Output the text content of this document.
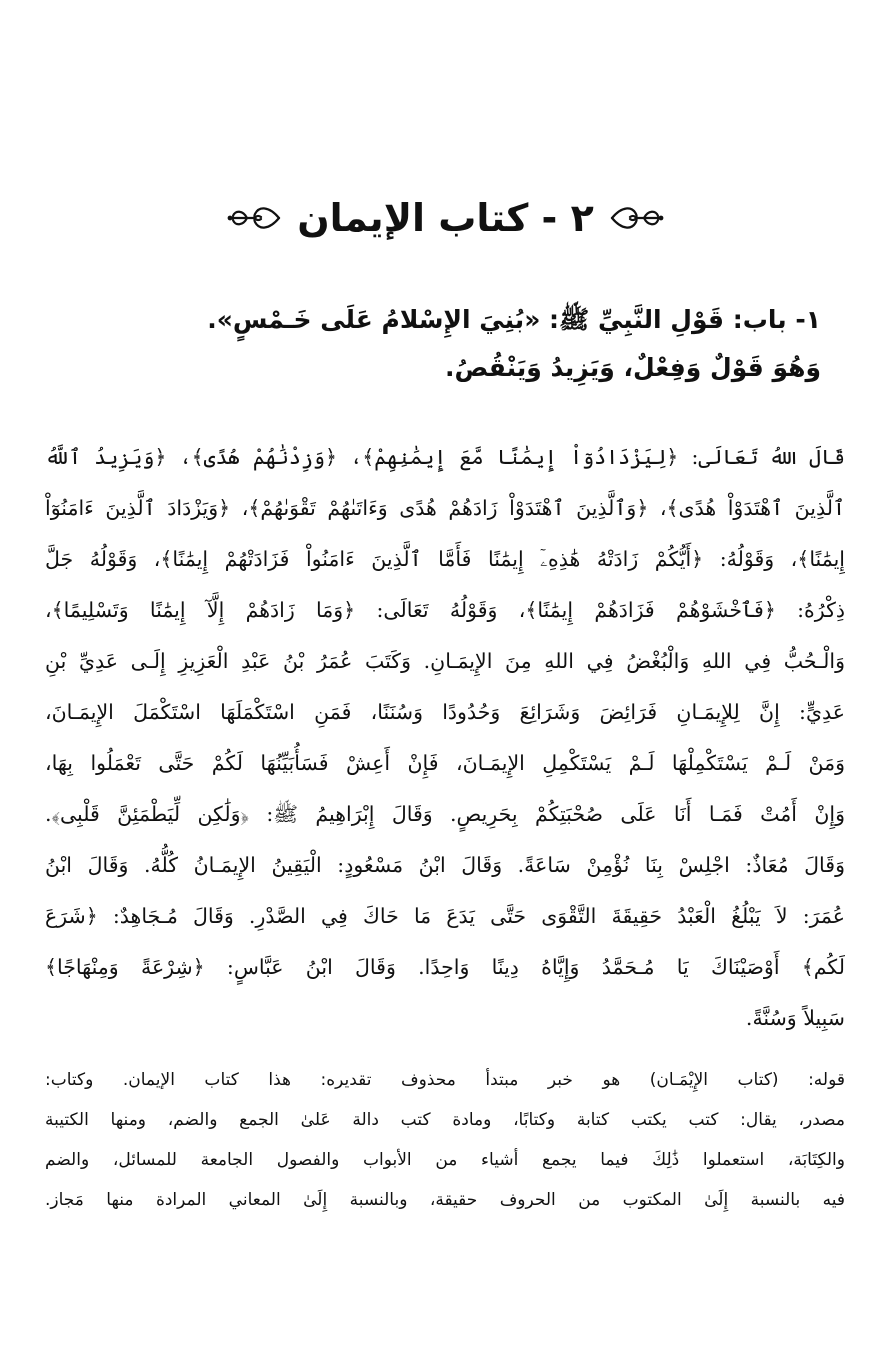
٢ - كتاب الإيمان
١- باب: قَوْلِ النَّبِيِّ ﷺ: «بُنِيَ الإِسْلامُ عَلَى خَـمْسٍ».
وَهُوَ قَوْلٌ وَفِعْلٌ، وَيَزِيدُ وَيَنْقُصُ.
قَالَ اللهُ تَعَالَى: ﴿لِيَزْدَادُوٓاْ إِيمَٰنًا مَّعَ إِيمَٰنِهِمْ﴾، ﴿وَزِدْنَٰهُمْ هُدًى﴾، ﴿وَيَزِيدُ ٱللَّهُ
ٱلَّذِينَ ٱهْتَدَوْاْ هُدًى﴾، ﴿وَٱلَّذِينَ ٱهْتَدَوْاْ زَادَهُمْ هُدًى وَءَاتَىٰهُمْ تَقْوَىٰهُمْ﴾، ﴿وَيَزْدَادَ ٱلَّذِينَ ءَامَنُوٓاْ
إِيمَٰنًا﴾، وَقَوْلُهُ: ﴿أَيُّكُمْ زَادَتْهُ هَٰذِهِۦٓ إِيمَٰنًا فَأَمَّا ٱلَّذِينَ ءَامَنُواْ فَزَادَتْهُمْ إِيمَٰنًا﴾، وَقَوْلُهُ جَلَّ
ذِكْرُهُ: ﴿فَٱخْشَوْهُمْ فَزَادَهُمْ إِيمَٰنًا﴾، وَقَوْلُهُ تَعَالَى: ﴿وَمَا زَادَهُمْ إِلَّآ إِيمَٰنًا وَتَسْلِيمًا﴾،
وَالْـحُبُّ فِي اللهِ وَالْبُغْضُ فِي اللهِ مِنَ الإِيمَـانِ. وَكَتَبَ عُمَرُ بْنُ عَبْدِ الْعَزِيزِ إِلَـى عَدِيِّ بْنِ
عَدِيٍّ: إِنَّ لِلإِيمَـانِ فَرَائِضَ وَشَرَائِعَ وَحُدُودًا وَسُنَنًا، فَمَنِ اسْتَكْمَلَهَا اسْتَكْمَلَ الإِيمَـانَ،
وَمَنْ لَـمْ يَسْتَكْمِلْهَا لَـمْ يَسْتَكْمِلِ الإِيمَـانَ، فَإِنْ أَعِشْ فَسَأُبَيِّنُهَا لَكُمْ حَتَّى تَعْمَلُوا بِهَا،
وَإِنْ أَمُتْ فَمَـا أَنَا عَلَى صُحْبَتِكُمْ بِحَرِيصٍ. وَقَالَ إِبْرَاهِيمُ ﷺ: ﴿وَلَٰكِن لِّيَطْمَئِنَّ قَلْبِى﴾.
وَقَالَ مُعَاذٌ: اجْلِسْ بِنَا نُؤْمِنْ سَاعَةً. وَقَالَ ابْنُ مَسْعُودٍ: الْيَقِينُ الإِيمَـانُ كُلُّهُ. وَقَالَ ابْنُ
عُمَرَ: لاَ يَبْلُغُ الْعَبْدُ حَقِيقَةَ التَّقْوَى حَتَّى يَدَعَ مَا حَاكَ فِي الصَّدْرِ. وَقَالَ مُـجَاهِدٌ: ﴿شَرَعَ
لَكُم﴾ أَوْصَيْنَاكَ يَا مُـحَمَّدُ وَإِيَّاهُ دِينًا وَاحِدًا. وَقَالَ ابْنُ عَبَّاسٍ: ﴿شِرْعَةً وَمِنْهَاجًا﴾
سَبِيلاً وَسُنَّةً.
قوله: (كتاب الإِيْمَـان) هو خبر مبتدأ محذوف تقديره: هذا كتاب الإيمان. وكتاب:
مصدر، يقال: كتب يكتب كتابة وكتابًا، ومادة كتب دالة عَلىٰ الجمع والضم، ومنها الكتيبة
والكِتَابَة، استعملوا ذَٰلِكَ فيما يجمع أشياء من الأبواب والفصول الجامعة للمسائل، والضم
فيه بالنسبة إِلَىٰ المكتوب من الحروف حقيقة، وبالنسبة إِلَىٰ المعاني المرادة منها مَجاز.
